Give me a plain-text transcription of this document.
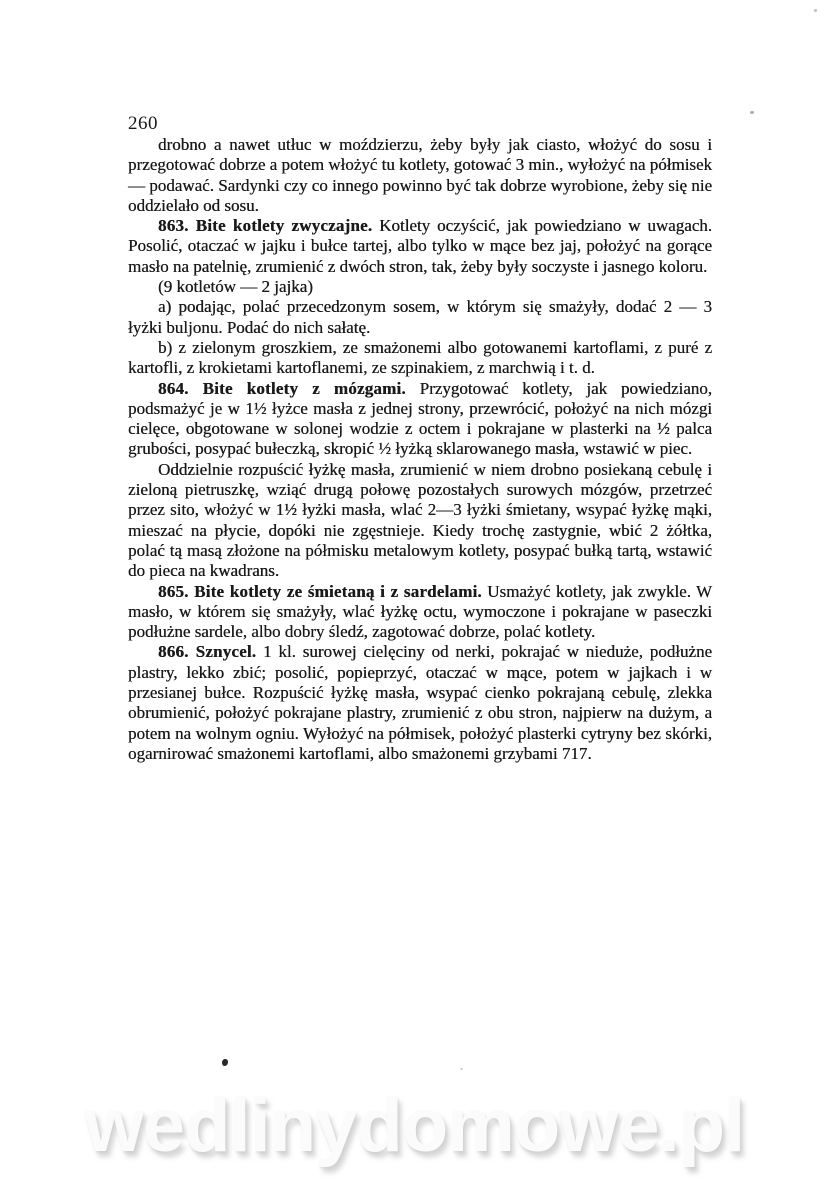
260

drobno a nawet utłuc w moździerzu, żeby były jak ciasto, włożyć do sosu i przegotować dobrze a potem włożyć tu kotlety, gotować 3 min., wyłożyć na półmisek — podawać. Sardynki czy co innego powinno być tak dobrze wyrobione, żeby się nie oddzielało od sosu.

863. Bite kotlety zwyczajne. Kotlety oczyścić, jak powiedziano w uwagach. Posolić, otaczać w jajku i bułce tartej, albo tylko w mące bez jaj, położyć na gorące masło na patelnię, zrumienić z dwóch stron, tak, żeby były soczyste i jasnego koloru.

(9 kotletów — 2 jajka)

a) podając, polać przecedzonym sosem, w którym się smażyły, dodać 2 — 3 łyżki buljonu. Podać do nich sałatę.

b) z zielonym groszkiem, ze smażonemi albo gotowanemi kartoflami, z puré z kartofli, z krokietami kartoflanemi, ze szpinakiem, z marchwią i t. d.

864. Bite kotlety z mózgami. Przygotować kotlety, jak powiedziano, podsmażyć je w 1½ łyżce masła z jednej strony, przewrócić, położyć na nich mózgi cielęce, obgotowane w solonej wodzie z octem i pokrajane w plasterki na ½ palca grubości, posypać bułeczką, skropić ½ łyżką sklarowanego masła, wstawić w piec.

Oddzielnie rozpuścić łyżkę masła, zrumienić w niem drobno posiekaną cebulę i zieloną pietruszkę, wziąć drugą połowę pozostałych surowych mózgów, przetrzeć przez sito, włożyć w 1½ łyżki masła, wlać 2—3 łyżki śmietany, wsypać łyżkę mąki, mieszać na płycie, dopóki nie zgęstnieje. Kiedy trochę zastygnie, wbić 2 żółtka, polać tą masą złożone na półmisku metalowym kotlety, posypać bułką tartą, wstawić do pieca na kwadrans.

865. Bite kotlety ze śmietaną i z sardelami. Usmażyć kotlety, jak zwykle. W masło, w którem się smażyły, wlać łyżkę octu, wymoczone i pokrajane w paseczki podłużne sardele, albo dobry śledź, zagotować dobrze, polać kotlety.

866. Sznycel. 1 kl. surowej cielęciny od nerki, pokrajać w nieduże, podłużne plastry, lekko zbić; posolić, popieprzyć, otaczać w mące, potem w jajkach i w przesianej bułce. Rozpuścić łyżkę masła, wsypać cienko pokrajaną cebulę, zlekka obrumienić, położyć pokrajane plastry, zrumienić z obu stron, najpierw na dużym, a potem na wolnym ogniu. Wyłożyć na półmisek, położyć plasterki cytryny bez skórki, ogarnirować smażonemi kartoflami, albo smażonemi grzybami 717.

wedlinydomowe.pl
